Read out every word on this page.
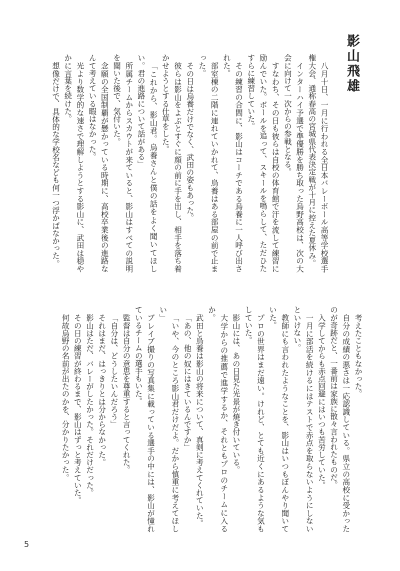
影山飛雄

八月十日、一月に行われる全日本バレーボール高等学校選手権大会、通称春高の宮城県代表決定戦が十月に控えた夏休み。

インターハイ予選で準優勝を勝ち取った烏野高校は、次の大会に向けて一次からの参戦となる。

すなわち、その日も彼らは自校の体育館で汗を流して練習に励んでいた。ボールを追って、スキールを鳴らして、ただひたすらに練習していた。

その練習の合間に、影山はコーチである烏養に一人呼び出された。

部室棟の二階に連れていかれて、烏養はある部屋の前で止まった。

その日は烏養だけでなく、武田の姿もあった。

彼らは影山をよぶとすぐに顔の前に手を出し、相手を落ち着かせようとする仕草をした。

「これから、影山君。烏養さんと僕の話をよく聞いてほしい。君の進路について話がある」

所属チームからスカウトが来ていると、影山はすべての説明を聞いた後で、気付いた。

念願の全国制覇が懸かっている時期に、高校卒業後の進路なんて考えている暇はなかった。

光より数学的な速さで理解しようとする影山に、武田は穏やかに言葉を続けた。

想像だけで、具体的な学校名なども何一つ浮かばなかった。

考えたこともなかった。

自分の成績の悪さは一応認識している。県立の高校に受かったのが奇跡だと、一番前は家族に散々言われたものだ。

入学してからも赤点回避にはいつも苦労していた。

一月に部活を続けるにはテストで赤点を取らないようにしないといけない。

教師にも言われたようなことを、影山はいつもぼんやり聞いていた。

プロの世界はまだ遠い。けれど、とても近くにあるような気もしていた。

影山には、あの日見た光景が焼き付いている。

大学からの推薦で進学するか、それともプロのチームに入るか。

武田と烏養は影山の将来について、真剣に考えてくれていた。

「あの、他の奴にはきているんですか」

「いや、今のところ影山君だけだよ。だから慎重に考えてほしい」

ブレイブ撮りの写真集に載っている選手の中には、影山が憧れているチームの選手もいた。

監督は自分の意思を尊重すると言ってくれた。

「自分は、どうしたいんだろう」

それはまだ、はっきりとは分からなかった。

影山はただ、バレーがしたかった。それだけだった。

その日の練習が終わるまで、影山はずっと考えていた。

何故烏野の名前が出たのかを、分かりたかった。

5
